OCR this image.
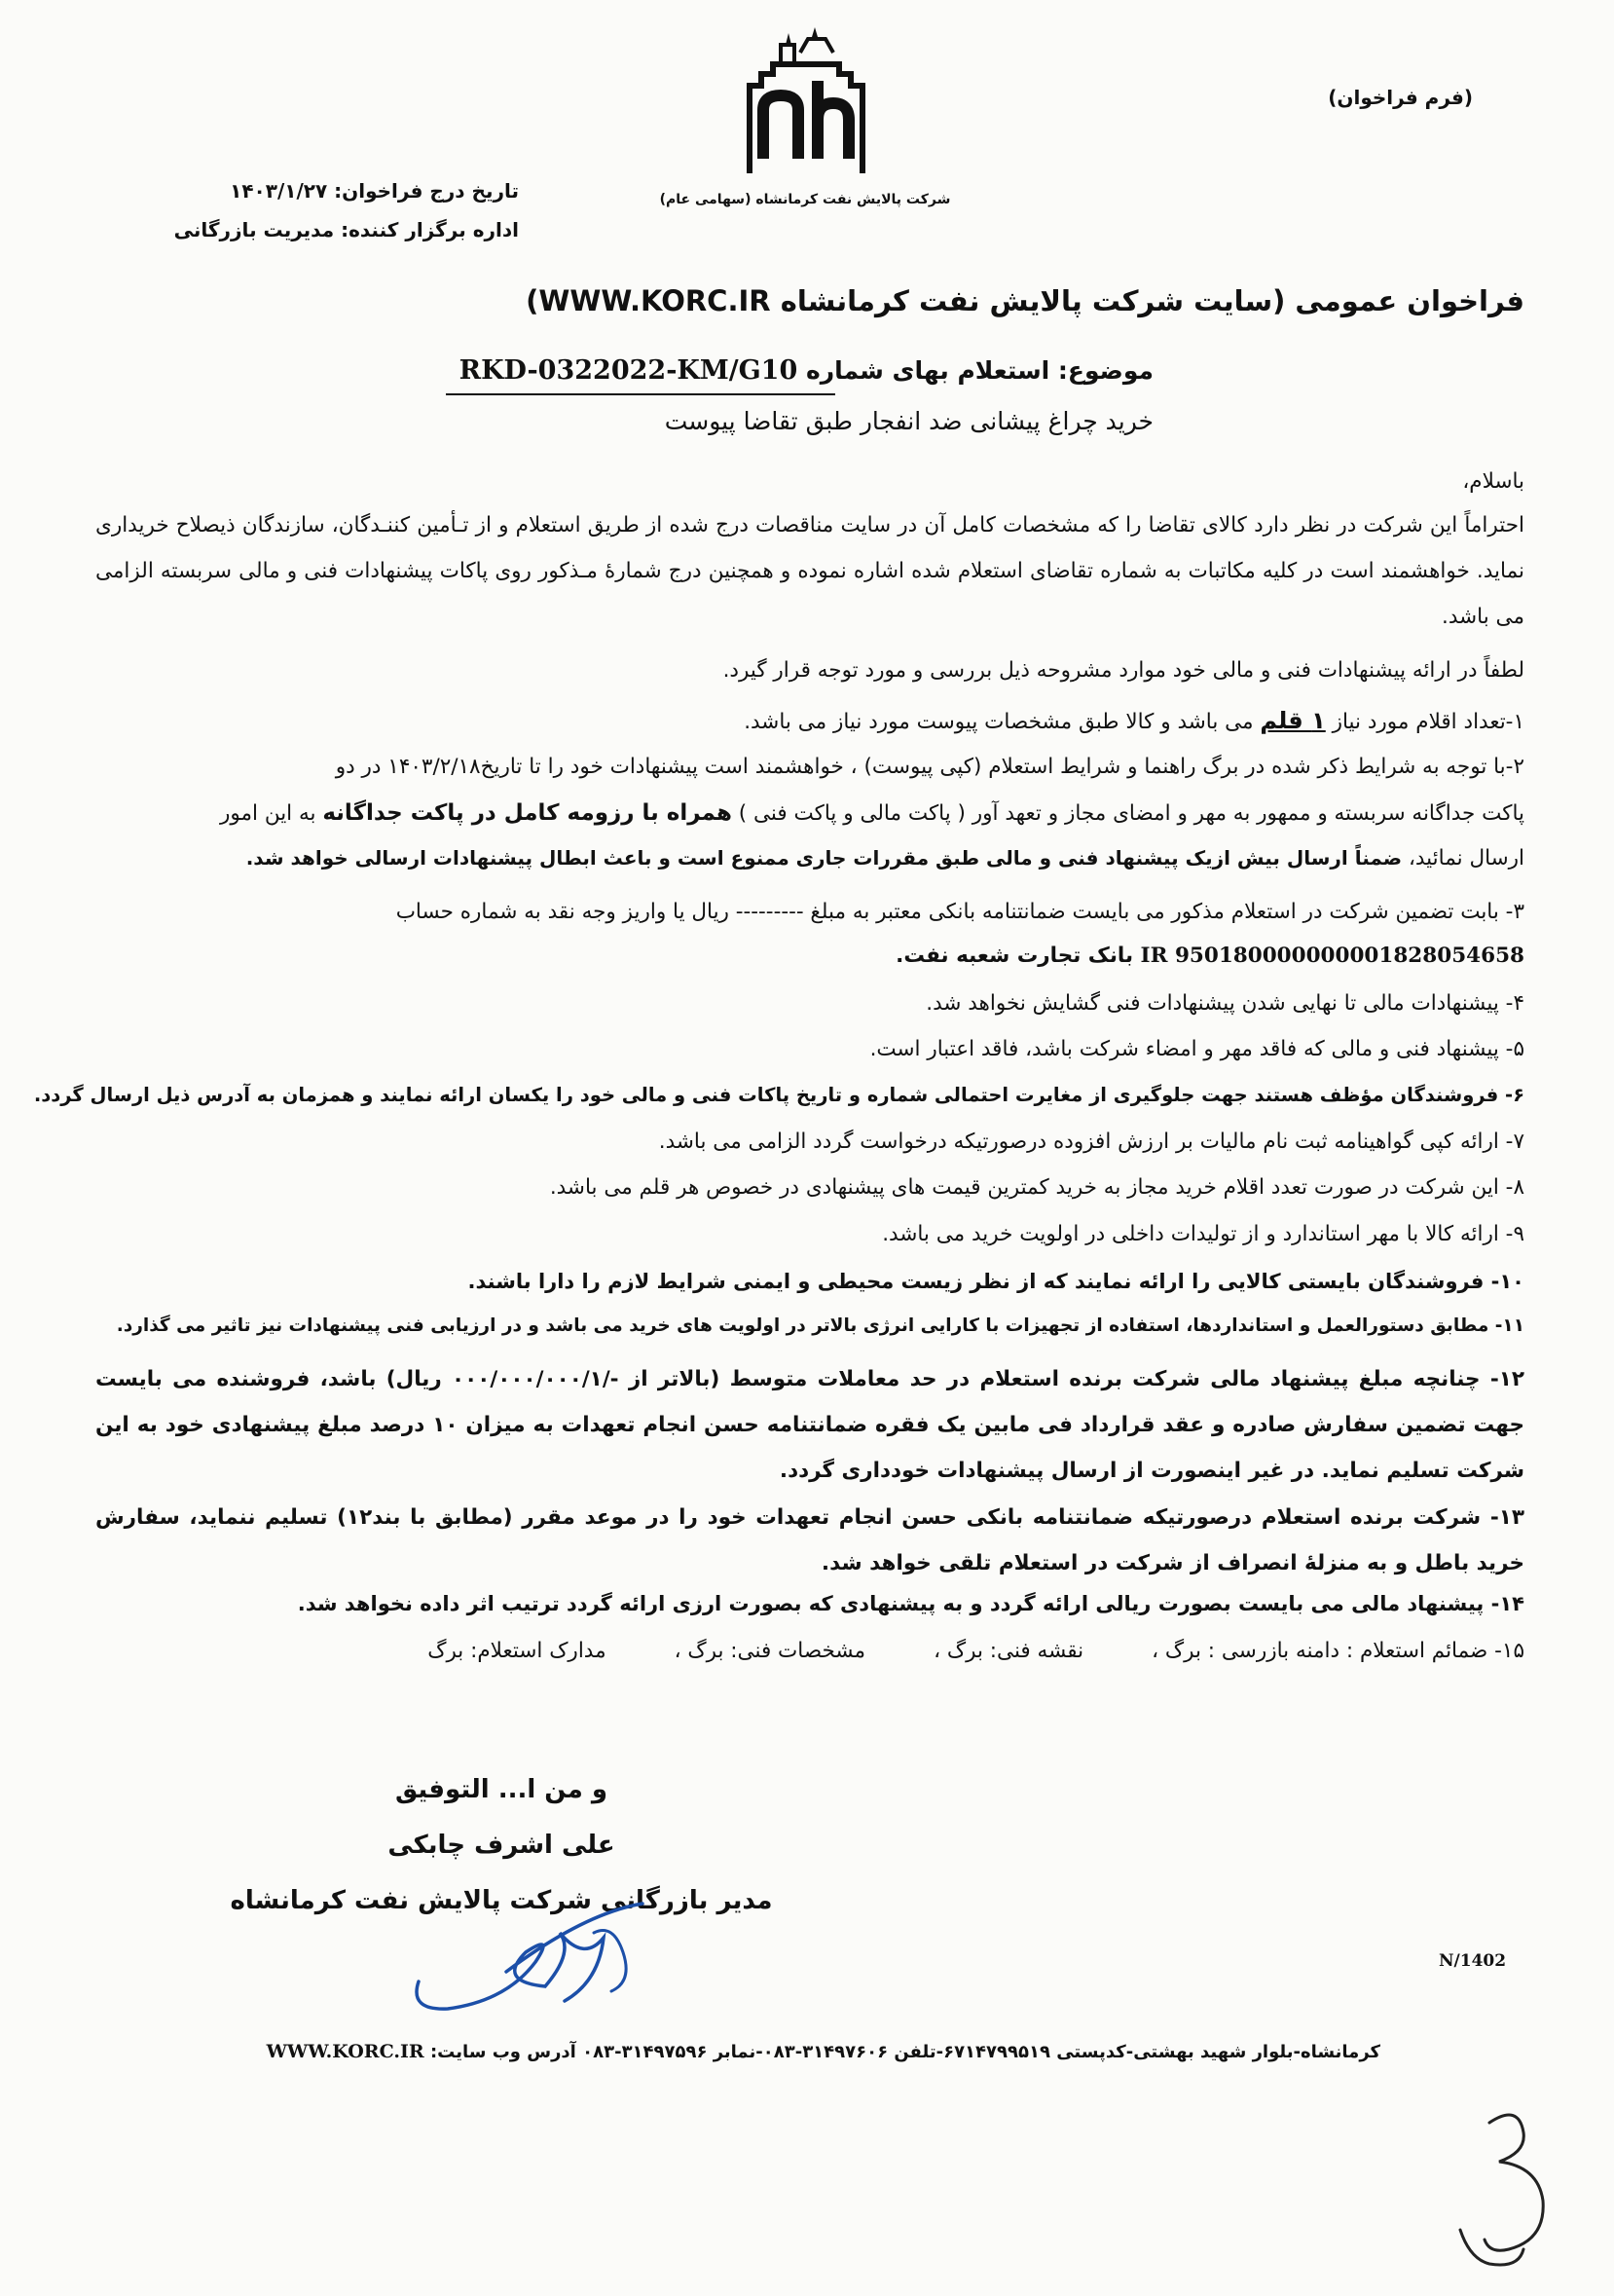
(فرم فراخوان)
شرکت پالایش نفت کرمانشاه (سهامی عام)
تاریخ درج فراخوان: ۱۴۰۳/۱/۲۷
اداره برگزار کننده: مدیریت بازرگانی
فراخوان عمومی (سایت شرکت پالایش نفت کرمانشاه WWW.KORC.IR)
موضوع: استعلام بهای شماره RKD-0322022-KM/G10
خرید چراغ پیشانی ضد انفجار طبق تقاضا پیوست
باسلام،
احتراماً این شرکت در نظر دارد کالای تقاضا را که مشخصات کامل آن در سایت مناقصات درج شده از طریق استعلام و از تـأمین کننـدگان، سازندگان ذیصلاح خریداری نماید. خواهشمند است در کلیه مکاتبات به شماره تقاضای استعلام شده اشاره نموده و همچنین درج شمارهٔ مـذکور روی پاکات پیشنهادات فنی و مالی سربسته الزامی می باشد.
لطفاً در ارائه پیشنهادات فنی و مالی خود موارد مشروحه ذیل بررسی و مورد توجه قرار گیرد.
۱-تعداد اقلام مورد نیاز ۱ قلم می باشد و کالا طبق مشخصات پیوست مورد نیاز می باشد.
۲-با توجه به شرایط ذکر شده در برگ راهنما و شرایط استعلام (کپی پیوست) ، خواهشمند است پیشنهادات خود را تا تاریخ۱۴۰۳/۲/۱۸ در دو
پاکت جداگانه سربسته و ممهور به مهر و امضای مجاز و تعهد آور ( پاکت مالی و پاکت فنی ) همراه با رزومه کامل در پاکت جداگانه به این امور
ارسال نمائید، ضمناً ارسال بیش ازیک پیشنهاد فنی و مالی طبق مقررات جاری ممنوع است و باعث ابطال پیشنهادات ارسالی خواهد شد.
۳- بابت تضمین شرکت در استعلام مذکور می بایست ضمانتنامه بانکی معتبر به مبلغ --------- ریال یا واریز وجه نقد به شماره حساب
IR 950180000000001828054658 بانک تجارت شعبه نفت.
۴- پیشنهادات مالی تا نهایی شدن پیشنهادات فنی گشایش نخواهد شد.
۵- پیشنهاد فنی و مالی که فاقد مهر و امضاء شرکت باشد، فاقد اعتبار است.
۶- فروشندگان مؤظف هستند جهت جلوگیری از مغایرت احتمالی شماره و تاریخ پاکات فنی و مالی خود را یکسان ارائه نمایند و همزمان به آدرس ذیل ارسال گردد.
۷- ارائه کپی گواهینامه ثبت نام مالیات بر ارزش افزوده درصورتیکه درخواست گردد الزامی می باشد.
۸- این شرکت در صورت تعدد اقلام خرید مجاز به خرید کمترین قیمت های پیشنهادی در خصوص هر قلم می باشد.
۹- ارائه کالا با مهر استاندارد و از تولیدات داخلی در اولویت خرید می باشد.
۱۰- فروشندگان بایستی کالایی را ارائه نمایند که از نظر زیست محیطی و ایمنی شرایط لازم را دارا باشند.
۱۱- مطابق دستورالعمل و استانداردها، استفاده از تجهیزات با کارایی انرژی بالاتر در اولویت های خرید می باشد و در ارزیابی فنی پیشنهادات نیز تاثیر می گذارد.
۱۲- چنانچه مبلغ پیشنهاد مالی شرکت برنده استعلام در حد معاملات متوسط (بالاتر از -/۰۰۰/۰۰۰/۰۰۰/۱ ریال) باشد، فروشنده می بایست جهت تضمین سفارش صادره و عقد قرارداد فی مابین یک فقره ضمانتنامه حسن انجام تعهدات به میزان ۱۰ درصد مبلغ پیشنهادی خود به این شرکت تسلیم نماید. در غیر اینصورت از ارسال پیشنهادات خودداری گردد.
۱۳- شرکت برنده استعلام درصورتیکه ضمانتنامه بانکی حسن انجام تعهدات خود را در موعد مقرر (مطابق با بند۱۲) تسلیم ننماید، سفارش خرید باطل و به منزلهٔ انصراف از شرکت در استعلام تلقی خواهد شد.
۱۴- پیشنهاد مالی می بایست بصورت ریالی ارائه گردد و به پیشنهادی که بصورت ارزی ارائه گردد ترتیب اثر داده نخواهد شد.
۱۵- ضمائم استعلام : دامنه بازرسی : برگ ،
نقشه فنی: برگ ،
مشخصات فنی: برگ ،
مدارک استعلام: برگ
و من ا... التوفیق
علی اشرف چابکی
مدیر بازرگانی شرکت پالایش نفت کرمانشاه
N/1402
کرمانشاه-بلوار شهید بهشتی-کدپستی ۶۷۱۴۷۹۹۵۱۹-تلفن ۳۱۴۹۷۶۰۶-۰۸۳-نمابر ۳۱۴۹۷۵۹۶-۰۸۳ آدرس وب سایت: WWW.KORC.IR
